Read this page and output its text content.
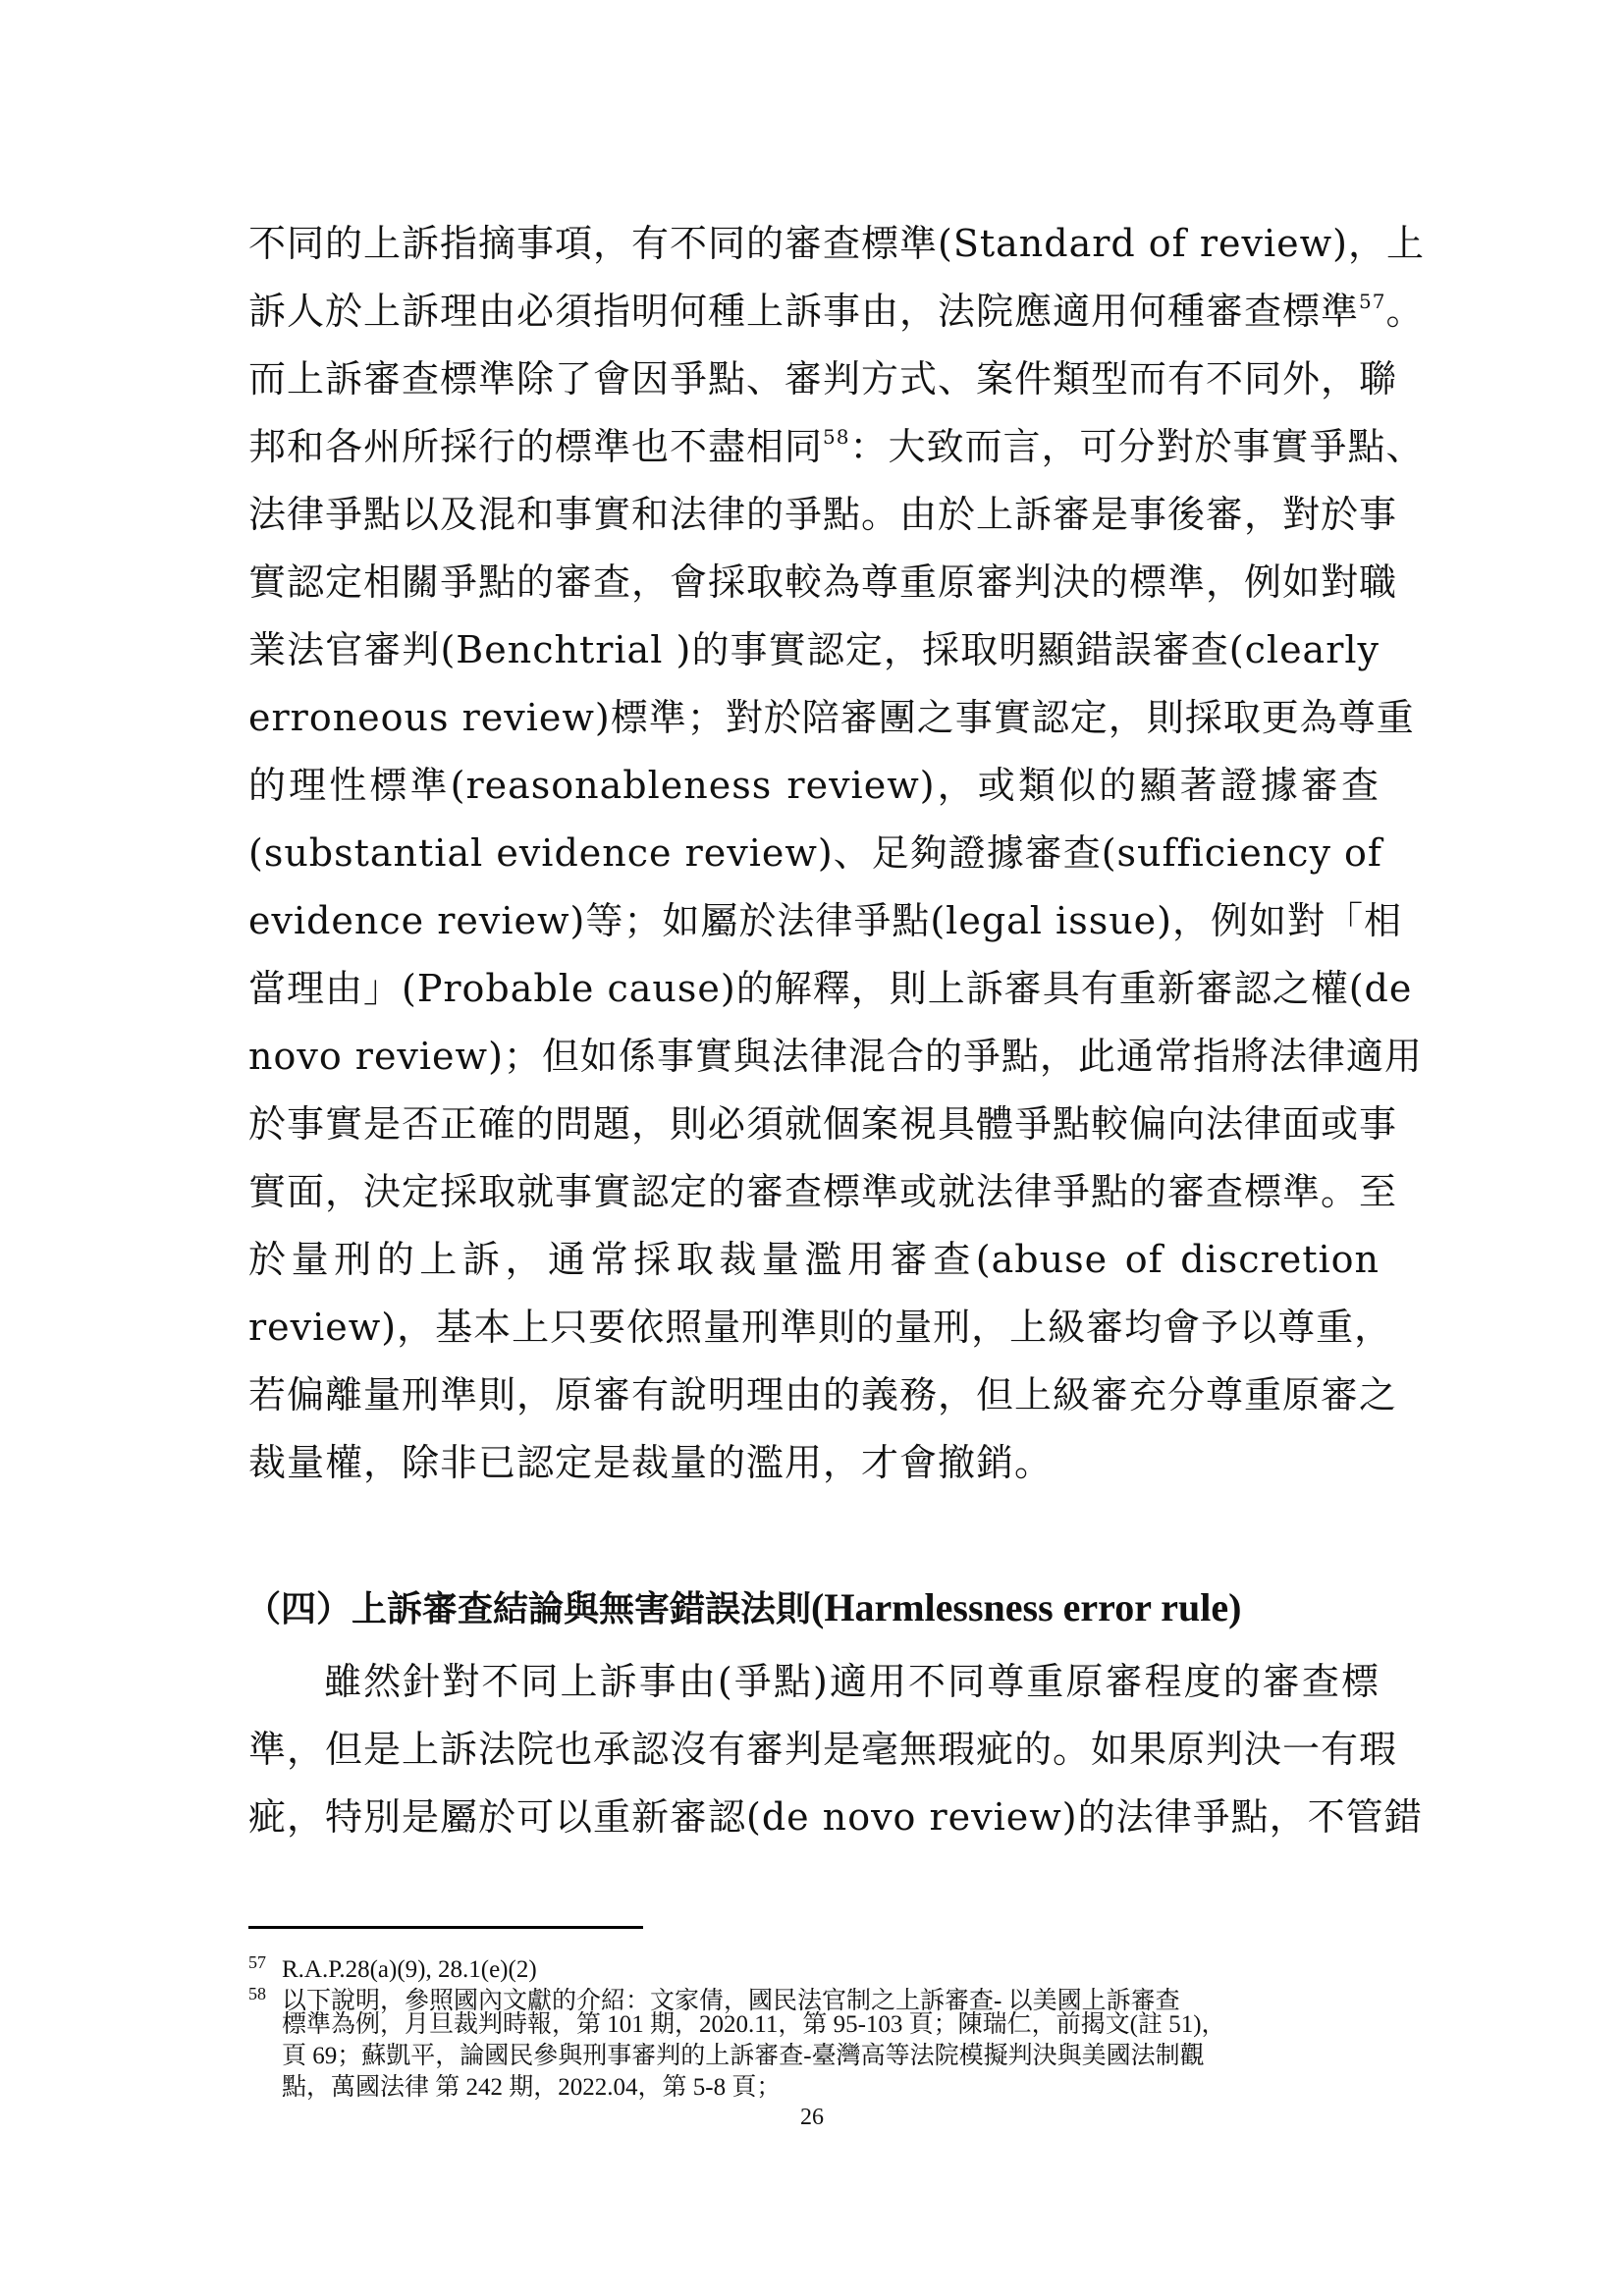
不同的上訴指摘事項，有不同的審查標準(Standard of review)，上
訴人於上訴理由必須指明何種上訴事由，法院應適用何種審查標準$^{57}$。
而上訴審查標準除了會因爭點、審判方式、案件類型而有不同外，聯
邦和各州所採行的標準也不盡相同$^{58}$：大致而言，可分對於事實爭點、
法律爭點以及混和事實和法律的爭點。由於上訴審是事後審，對於事
實認定相關爭點的審查，會採取較為尊重原審判決的標準，例如對職
業法官審判(Benchtrial )的事實認定，採取明顯錯誤審查(clearly
erroneous review)標準；對於陪審團之事實認定，則採取更為尊重
的理性標準(reasonableness review)，或類似的顯著證據審查
(substantial evidence review)、足夠證據審查(sufficiency of
evidence review)等；如屬於法律爭點(legal issue)，例如對「相
當理由」(Probable cause)的解釋，則上訴審具有重新審認之權(de
novo review)；但如係事實與法律混合的爭點，此通常指將法律適用
於事實是否正確的問題，則必須就個案視具體爭點較偏向法律面或事
實面，決定採取就事實認定的審查標準或就法律爭點的審查標準。至
於量刑的上訴，通常採取裁量濫用審查(abuse of discretion
review)，基本上只要依照量刑準則的量刑，上級審均會予以尊重，
若偏離量刑準則，原審有說明理由的義務，但上級審充分尊重原審之
裁量權，除非已認定是裁量的濫用，才會撤銷。
（四）上訴審查結論與無害錯誤法則(Harmlessness error rule)
雖然針對不同上訴事由(爭點)適用不同尊重原審程度的審查標
準，但是上訴法院也承認沒有審判是毫無瑕疵的。如果原判決一有瑕
疵，特別是屬於可以重新審認(de novo review)的法律爭點，不管錯
57 R.A.P.28(a)(9), 28.1(e)(2)
58 以下說明，參照國內文獻的介紹：文家倩，國民法官制之上訴審查- 以美國上訴審查
標準為例，月旦裁判時報，第 101 期，2020.11，第 95-103 頁；陳瑞仁，前揭文(註 51)，
頁 69；蘇凱平，論國民參與刑事審判的上訴審查-臺灣高等法院模擬判決與美國法制觀
點，萬國法律 第 242 期，2022.04，第 5-8 頁；
26
